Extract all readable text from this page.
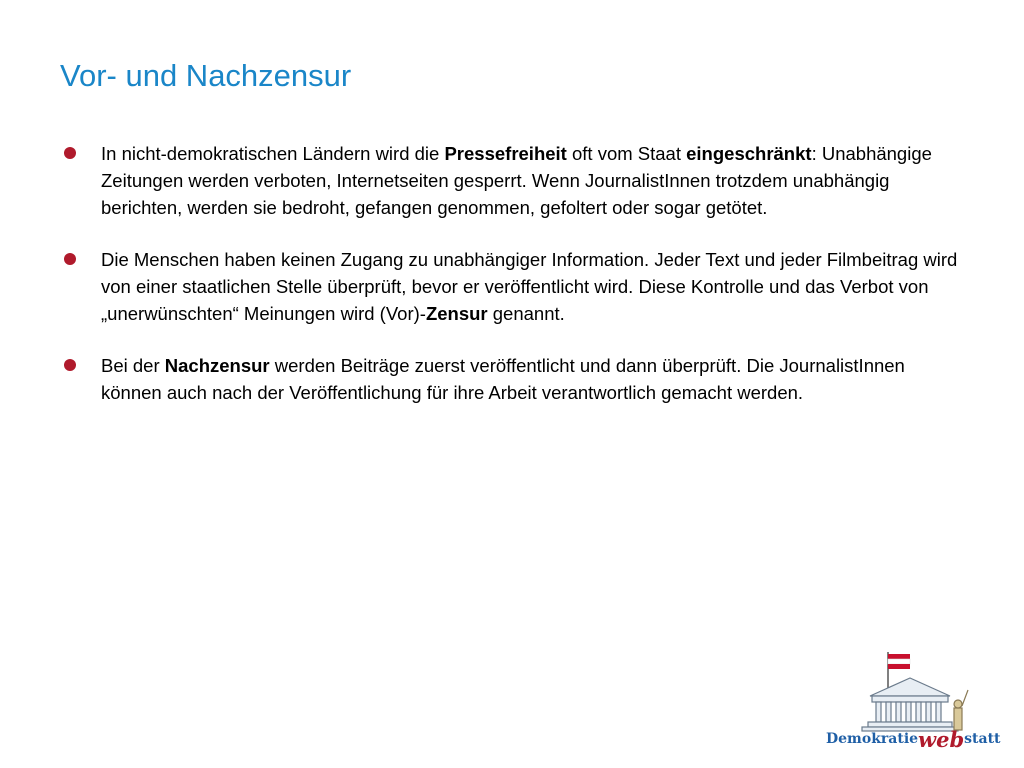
Vor- und Nachzensur
In nicht-demokratischen Ländern wird die Pressefreiheit oft vom Staat eingeschränkt: Unabhängige Zeitungen werden verboten, Internetseiten gesperrt. Wenn JournalistInnen trotzdem unabhängig berichten, werden sie bedroht, gefangen genommen, gefoltert oder sogar getötet.
Die Menschen haben keinen Zugang zu unabhängiger Information. Jeder Text und jeder Filmbeitrag wird von einer staatlichen Stelle überprüft, bevor er veröffentlicht wird. Diese Kontrolle und das Verbot von „unerwünschten“ Meinungen wird (Vor)-Zensur genannt.
Bei der Nachzensur werden Beiträge zuerst veröffentlicht und dann überprüft. Die JournalistInnen können auch nach der Veröffentlichung für ihre Arbeit verantwortlich gemacht werden.
Demokratiewebstatt
